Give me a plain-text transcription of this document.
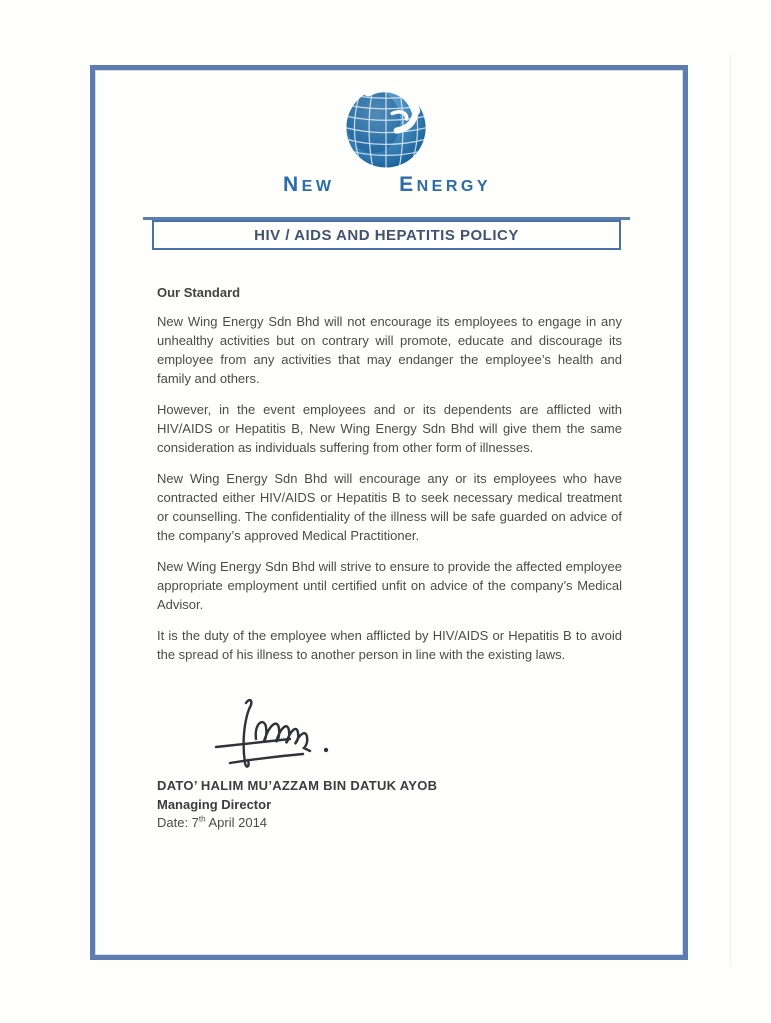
NEW	ENERGY
HIV / AIDS AND HEPATITIS POLICY
Our Standard

New Wing Energy Sdn Bhd will not encourage its employees to engage in any unhealthy activities but on contrary will promote, educate and discourage its employee from any activities that may endanger the employee’s health and family and others.

However, in the event employees and or its dependents are afflicted with HIV/AIDS or Hepatitis B, New Wing Energy Sdn Bhd will give them the same consideration as individuals suffering from other form of illnesses.

New Wing Energy Sdn Bhd will encourage any or its employees who have contracted either HIV/AIDS or Hepatitis B to seek necessary medical treatment or counselling. The confidentiality of the illness will be safe guarded on advice of the company’s approved Medical Practitioner.

New Wing Energy Sdn Bhd will strive to ensure to provide the affected employee appropriate employment until certified unfit on advice of the company’s Medical Advisor.

It is the duty of the employee when afflicted by HIV/AIDS or Hepatitis B to avoid the spread of his illness to another person in line with the existing laws.

DATO’ HALIM MU’AZZAM BIN DATUK AYOB
Managing Director
Date: 7th April 2014
